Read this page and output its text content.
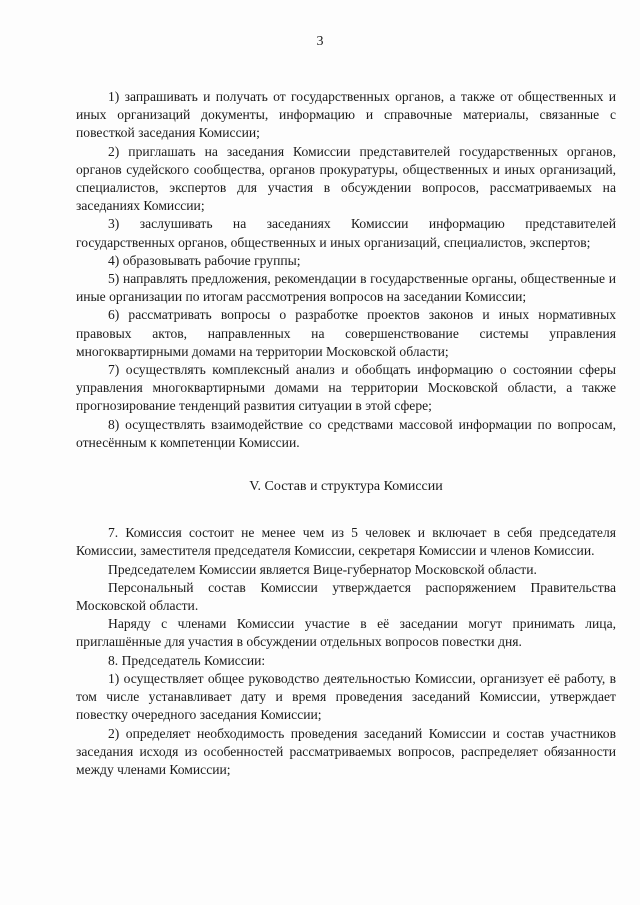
3

1) запрашивать и получать от государственных органов, а также от общественных и иных организаций документы, информацию и справочные материалы, связанные с повесткой заседания Комиссии;

2) приглашать на заседания Комиссии представителей государственных органов, органов судейского сообщества, органов прокуратуры, общественных и иных организаций, специалистов, экспертов для участия в обсуждении вопросов, рассматриваемых на заседаниях Комиссии;

3) заслушивать на заседаниях Комиссии информацию представителей государственных органов, общественных и иных организаций, специалистов, экспертов;

4) образовывать рабочие группы;

5) направлять предложения, рекомендации в государственные органы, общественные и иные организации по итогам рассмотрения вопросов на заседании Комиссии;

6) рассматривать вопросы о разработке проектов законов и иных нормативных правовых актов, направленных на совершенствование системы управления многоквартирными домами на территории Московской области;

7) осуществлять комплексный анализ и обобщать информацию о состоянии сферы управления многоквартирными домами на территории Московской области, а также прогнозирование тенденций развития ситуации в этой сфере;

8) осуществлять взаимодействие со средствами массовой информации по вопросам, отнесённым к компетенции Комиссии.

V. Состав и структура Комиссии

7. Комиссия состоит не менее чем из 5 человек и включает в себя председателя Комиссии, заместителя председателя Комиссии, секретаря Комиссии и членов Комиссии.

Председателем Комиссии является Вице-губернатор Московской области.

Персональный состав Комиссии утверждается распоряжением Правительства Московской области.

Наряду с членами Комиссии участие в её заседании могут принимать лица, приглашённые для участия в обсуждении отдельных вопросов повестки дня.

8. Председатель Комиссии:

1) осуществляет общее руководство деятельностью Комиссии, организует её работу, в том числе устанавливает дату и время проведения заседаний Комиссии, утверждает повестку очередного заседания Комиссии;

2) определяет необходимость проведения заседаний Комиссии и состав участников заседания исходя из особенностей рассматриваемых вопросов, распределяет обязанности между членами Комиссии;
